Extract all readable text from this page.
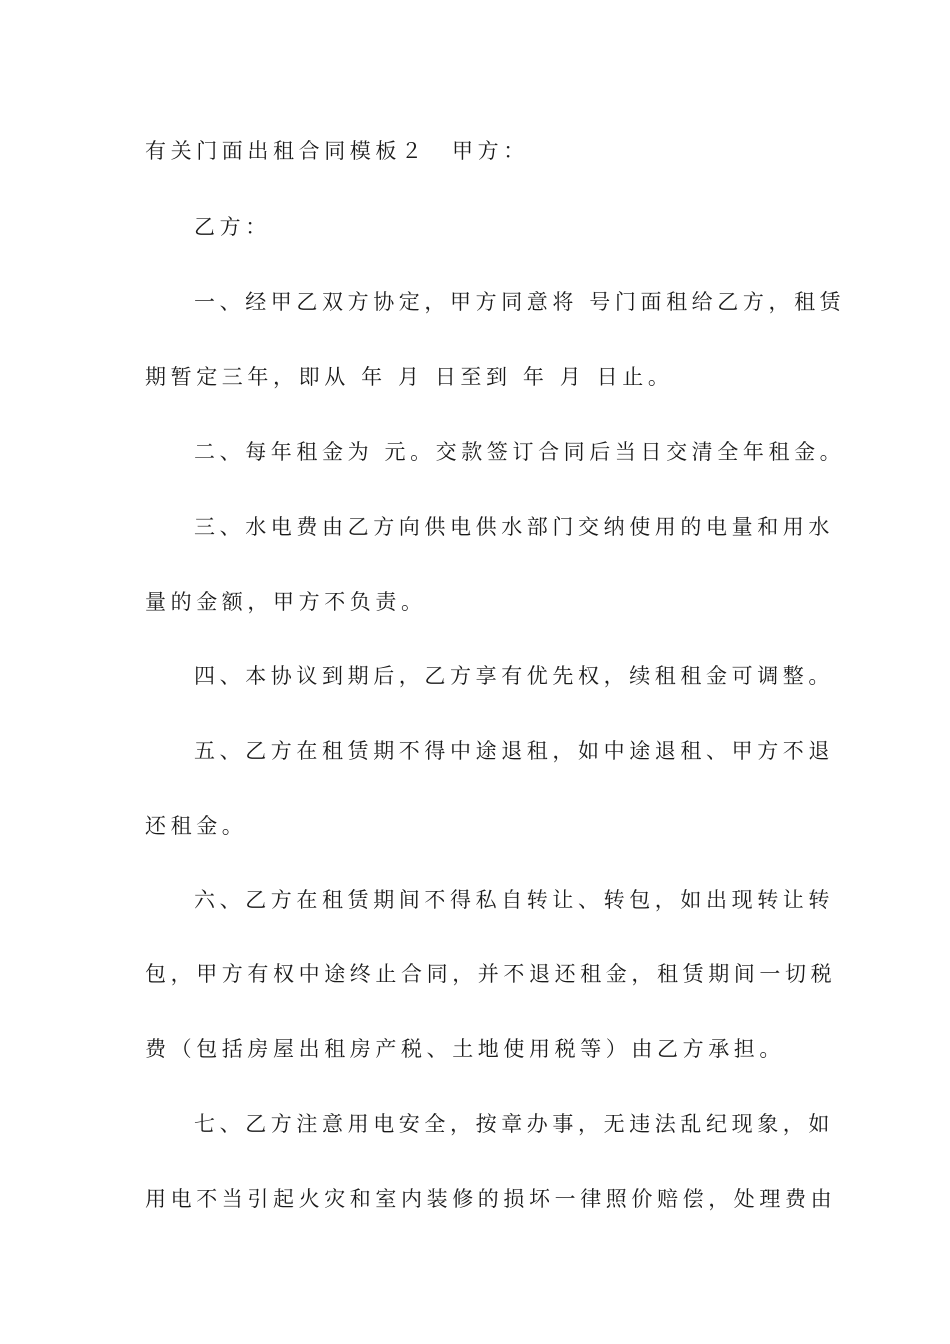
有关门面出租合同模板２	甲方：
乙方：
一、经甲乙双方协定，甲方同意将 号门面租给乙方，租赁
期暂定三年，即从 年 月 日至到 年 月 日止。
二、每年租金为 元。交款签订合同后当日交清全年租金。
三、水电费由乙方向供电供水部门交纳使用的电量和用水
量的金额，甲方不负责。
四、本协议到期后，乙方享有优先权，续租租金可调整。
五、乙方在租赁期不得中途退租，如中途退租、甲方不退
还租金。
六、乙方在租赁期间不得私自转让、转包，如出现转让转
包，甲方有权中途终止合同，并不退还租金，租赁期间一切税
费（包括房屋出租房产税、土地使用税等）由乙方承担。
七、乙方注意用电安全，按章办事，无违法乱纪现象，如
用电不当引起火灾和室内装修的损坏一律照价赔偿，处理费由
